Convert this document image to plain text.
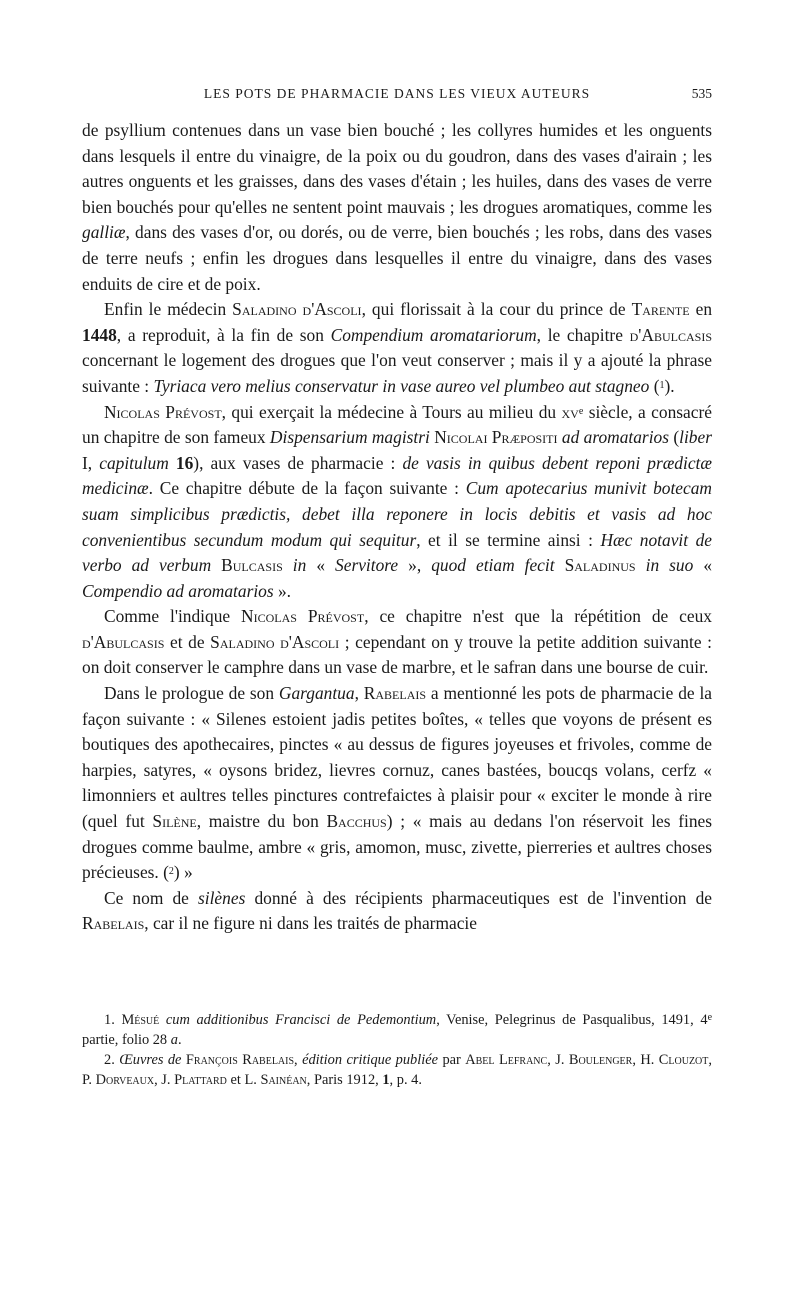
LES POTS DE PHARMACIE DANS LES VIEUX AUTEURS	535

de psyllium contenues dans un vase bien bouché ; les collyres humides et les onguents dans lesquels il entre du vinaigre, de la poix ou du goudron, dans des vases d'airain ; les autres onguents et les graisses, dans des vases d'étain ; les huiles, dans des vases de verre bien bouchés pour qu'elles ne sentent point mauvais ; les drogues aromatiques, comme les galliæ, dans des vases d'or, ou dorés, ou de verre, bien bouchés ; les robs, dans des vases de terre neufs ; enfin les drogues dans lesquelles il entre du vinaigre, dans des vases enduits de cire et de poix.

Enfin le médecin Saladino d'Ascoli, qui florissait à la cour du prince de Tarente en 1448, a reproduit, à la fin de son Compendium aromatariorum, le chapitre d'Abulcasis concernant le logement des drogues que l'on veut conserver ; mais il y a ajouté la phrase suivante : Tyriaca vero melius conservatur in vase aureo vel plumbeo aut stagneo ($^1$).

Nicolas Prévost, qui exerçait la médecine à Tours au milieu du $xv^e$ siècle, a consacré un chapitre de son fameux Dispensarium magistri Nicolai Præpositi ad aromatarios (liber I, capitulum 16), aux vases de pharmacie : de vasis in quibus debent reponi prædictæ medicinæ. Ce chapitre débute de la façon suivante : Cum apotecarius munivit botecam suam simplicibus prædictis, debet illa reponere in locis debitis et vasis ad hoc convenientibus secundum modum qui sequitur, et il se termine ainsi : Hæc notavit de verbo ad verbum Bulcasis in « Servitore », quod etiam fecit Saladinus in suo « Compendio ad aromatarios ».

Comme l'indique Nicolas Prévost, ce chapitre n'est que la répétition de ceux d'Abulcasis et de Saladino d'Ascoli ; cependant on y trouve la petite addition suivante : on doit conserver le camphre dans un vase de marbre, et le safran dans une bourse de cuir.

Dans le prologue de son Gargantua, Rabelais a mentionné les pots de pharmacie de la façon suivante : « Silenes estoient jadis petites boîtes, « telles que voyons de présent es boutiques des apothecaires, pinctes « au dessus de figures joyeuses et frivoles, comme de harpies, satyres, « oysons bridez, lievres cornuz, canes bastées, boucqs volans, cerfz « limonniers et aultres telles pinctures contrefaictes à plaisir pour « exciter le monde à rire (quel fut Silène, maistre du bon Bacchus) ; « mais au dedans l'on réservoit les fines drogues comme baulme, ambre « gris, amomon, musc, zivette, pierreries et aultres choses précieuses. ($^2$) »

Ce nom de silènes donné à des récipients pharmaceutiques est de l'invention de Rabelais, car il ne figure ni dans les traités de pharmacie

1. Mésué cum additionibus Francisci de Pedemontium, Venise, Pelegrinus de Pasqualibus, 1491, 4e partie, folio 28 a.

2. Œuvres de François Rabelais, édition critique publiée par Abel Lefranc, J. Boulenger, H. Clouzot, P. Dorveaux, J. Plattard et L. Sainéan, Paris 1912, 1, p. 4.
